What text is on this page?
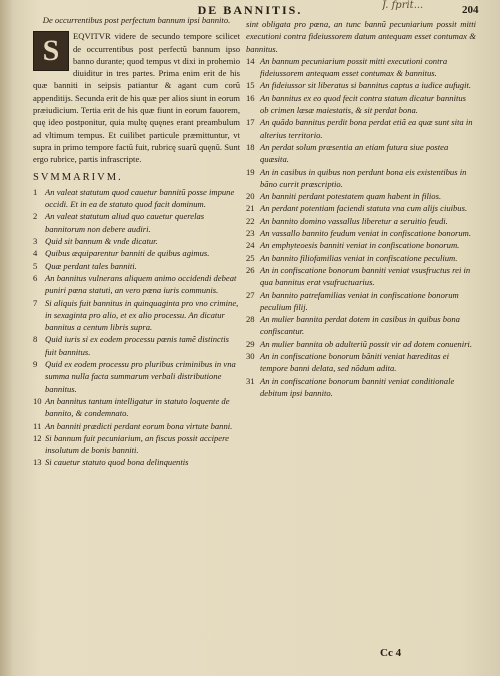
J. fprit...
DE BANNITIS.	204

De occurrentibus post perfectum bannum ipsi bannito.

S	EQVITVR videre de secundo tempore scilicet de occurrentibus post perfectũ bannum ipso banno durante; quod tempus vt dixi in prohemio diuiditur in tres partes. Prima enim erit de his quæ banniti in seipsis patiantur & agant cum corũ appenditijs. Secunda erit de his quæ per alios siunt in eorum præiudicium. Tertia erit de his quæ fiunt in eorum fauorem, quę ideo postponitur, quia multę quęnes erant preambulum ad vltimum tempus. Et cuilibet particule præmittuntur, vt supra in primo tempore factũ fuit, rubricę suarũ quęnũ. Sunt ergo rubrice, partis infrascripte.

SVMMARIVM.
1 An valeat statutum quod cauetur bannitũ posse impune occidi. Et in ea de statuto quod facit dominum.
2 An valeat statutum aliud quo cauetur querelas bannitorum non debere audiri.
3 Quid sit bannum & vnde dicatur.
4 Quibus æquiparentur banniti de quibus agimus.
5 Quæ perdant tales banniti.
6 An bannitus vulnerans aliquem animo occidendi debeat puniri pœna statuti, an vero pœna iuris communis.
7 Si aliquis fuit bannitus in quinquaginta pro vno crimine, in sexaginta pro alio, et ex alio processu. An dicatur bannitus a centum libris supra.
8 Quid iuris si ex eodem processu pœnis tamẽ distinctis fuit bannitus.
9 Quid ex eodem processu pro pluribus criminibus in vna summa nulla facta summarum verbali distributione bannitus.
10 An bannitus tantum intelligatur in statuto loquente de bannito, & condemnato.
11 An banniti prædicti perdant eorum bona virtute banni.
12 Si bannum fuit pecuniarium, an fiscus possit accipere insolutum de bonis banniti.
13 Si cauetur statuto quod bona delinquentis

sint obligata pro pœna, an tunc bannũ pecuniarium possit mitti executioni contra fideiussorem datum antequam esset contumax & bannitus.

14 An bannum pecuniarium possit mitti executioni contra fideiussorem antequam esset contumax & bannitus.
15 An fideiussor sit liberatus si bannitus captus a iudice aufugit.
16 An bannitus ex eo quod fecit contra statum dicatur bannitus ob crimen læsæ maiestatis, & sit perdat bona.
17 An quãdo bannitus perdit bona perdat etiã ea quæ sunt sita in alterius territorio.
18 An perdat solum præsentia an etiam futura siue postea quæsita.
19 An in casibus in quibus non perdunt bona eis existentibus in bãno currit præscriptio.
20 An banniti perdant potestatem quam habent in filios.
21 An perdant potentiam faciendi statuta vna cum alijs ciuibus.
22 An bannito domino vassallus liberetur a seruitio feudi.
23 An vassallo bannito feudum veniat in confiscatione bonorum.
24 An emphyteoesis banniti veniat in confiscatione bonorum.
25 An bannito filiofamilias veniat in confiscatione peculium.
26 An in confiscatione bonorum banniti veniat vsusfructus rei in qua bannitus erat vsufructuarius.
27 An bannito patrefamilias veniat in confiscatione bonorum peculium filij.
28 An mulier bannita perdat dotem in casibus in quibus bona confiscantur.
29 An mulier bannita ob adulteriũ possit vir ad dotem conueniri.
30 An in confiscatione bonorum bãniti veniat hæreditas ei tempore banni delata, sed nõdum adita.
31 An in confiscatione bonorum banniti veniat conditionale debitum ipsi bannito.
Cc 4
